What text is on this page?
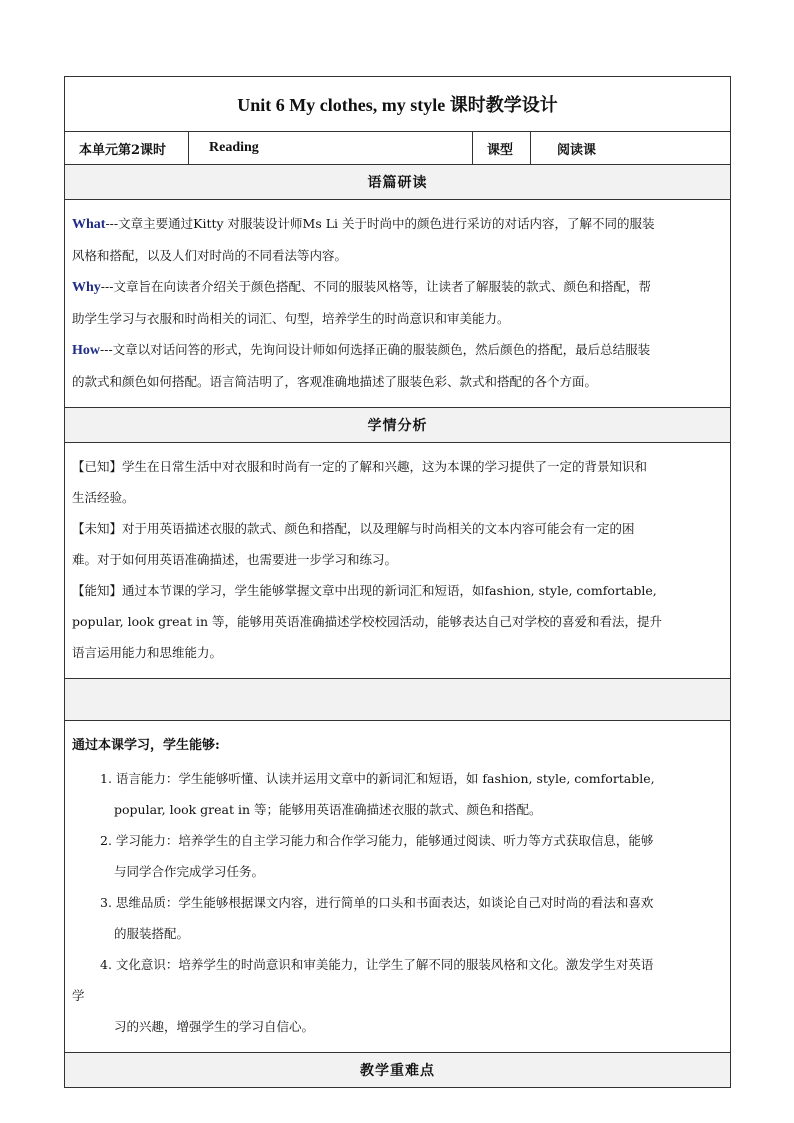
Unit 6 My clothes, my style 课时教学设计
本单元第2课时	Reading	课型	阅读课
语篇研读

What---文章主要通过Kitty 对服装设计师Ms Li 关于时尚中的颜色进行采访的对话内容，了解不同的服装
风格和搭配，以及人们对时尚的不同看法等内容。
Why---文章旨在向读者介绍关于颜色搭配、不同的服装风格等，让读者了解服装的款式、颜色和搭配，帮
助学生学习与衣服和时尚相关的词汇、句型，培养学生的时尚意识和审美能力。
How---文章以对话问答的形式，先询问设计师如何选择正确的服装颜色，然后颜色的搭配，最后总结服装
的款式和颜色如何搭配。语言简洁明了，客观准确地描述了服装色彩、款式和搭配的各个方面。

学情分析

【已知】学生在日常生活中对衣服和时尚有一定的了解和兴趣，这为本课的学习提供了一定的背景知识和
生活经验。
【未知】对于用英语描述衣服的款式、颜色和搭配，以及理解与时尚相关的文本内容可能会有一定的困
难。对于如何用英语准确描述，也需要进一步学习和练习。
【能知】通过本节课的学习，学生能够掌握文章中出现的新词汇和短语，如fashion, style, comfortable,
popular, look great in 等，能够用英语准确描述学校校园活动，能够表达自己对学校的喜爱和看法，提升
语言运用能力和思维能力。

通过本课学习，学生能够:
1. 语言能力：学生能够听懂、认读并运用文章中的新词汇和短语，如 fashion, style, comfortable,
popular, look great in 等；能够用英语准确描述衣服的款式、颜色和搭配。
2. 学习能力：培养学生的自主学习能力和合作学习能力，能够通过阅读、听力等方式获取信息，能够
与同学合作完成学习任务。
3. 思维品质：学生能够根据课文内容，进行简单的口头和书面表达，如谈论自己对时尚的看法和喜欢
的服装搭配。
4. 文化意识：培养学生的时尚意识和审美能力，让学生了解不同的服装风格和文化。激发学生对英语
学
习的兴趣，增强学生的学习自信心。

教学重难点
